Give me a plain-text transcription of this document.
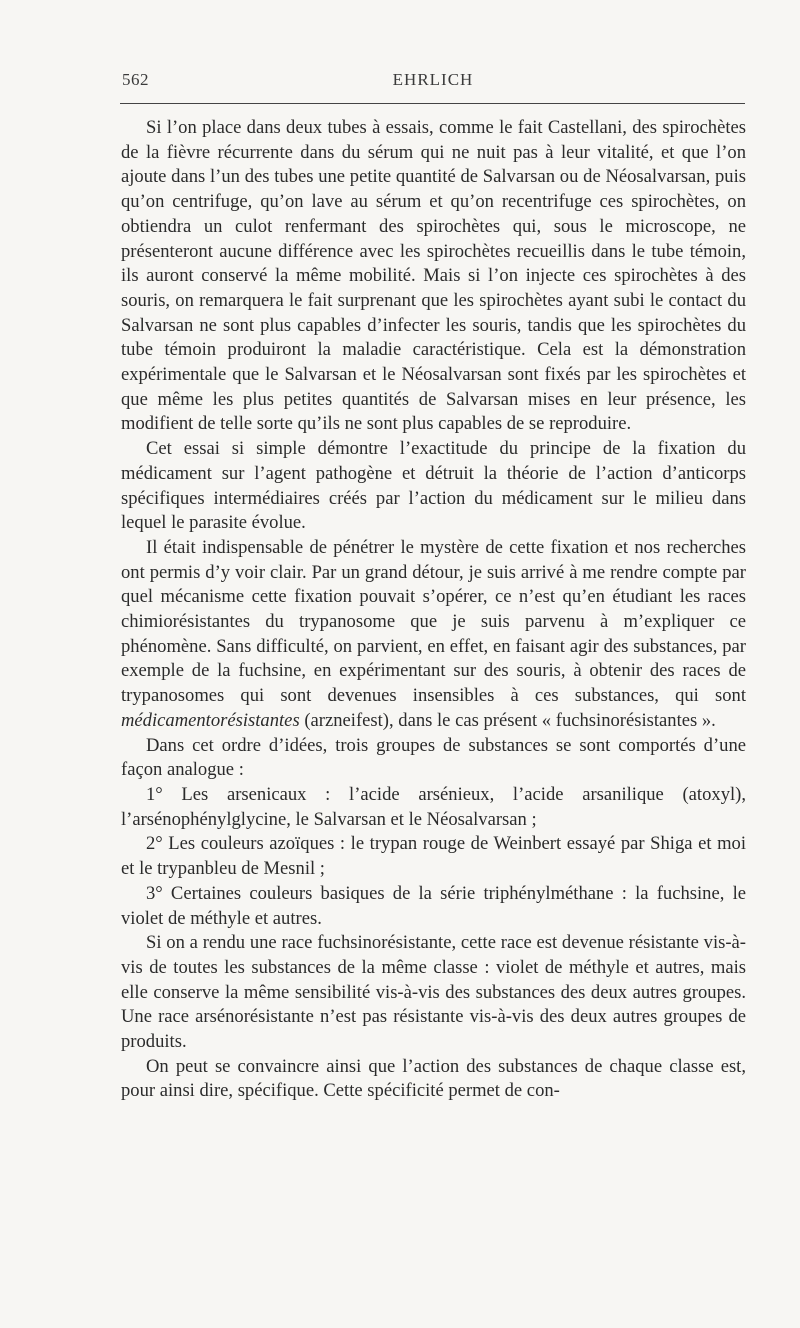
562	EHRLICH

Si l’on place dans deux tubes à essais, comme le fait Castellani, des spirochètes de la fièvre récurrente dans du sérum qui ne nuit pas à leur vitalité, et que l’on ajoute dans l’un des tubes une petite quantité de Salvarsan ou de Néosalvarsan, puis qu’on centrifuge, qu’on lave au sérum et qu’on recentrifuge ces spirochètes, on obtiendra un culot renfermant des spirochètes qui, sous le microscope, ne présenteront aucune différence avec les spirochètes recueillis dans le tube témoin, ils auront conservé la même mobilité. Mais si l’on injecte ces spirochètes à des souris, on remarquera le fait surprenant que les spirochètes ayant subi le contact du Salvarsan ne sont plus capables d’infecter les souris, tandis que les spirochètes du tube témoin produiront la maladie caractéristique. Cela est la démonstration expérimentale que le Salvarsan et le Néosalvarsan sont fixés par les spirochètes et que même les plus petites quantités de Salvarsan mises en leur présence, les modifient de telle sorte qu’ils ne sont plus capables de se reproduire.

Cet essai si simple démontre l’exactitude du principe de la fixation du médicament sur l’agent pathogène et détruit la théorie de l’action d’anticorps spécifiques intermédiaires créés par l’action du médicament sur le milieu dans lequel le parasite évolue.

Il était indispensable de pénétrer le mystère de cette fixation et nos recherches ont permis d’y voir clair. Par un grand détour, je suis arrivé à me rendre compte par quel mécanisme cette fixation pouvait s’opérer, ce n’est qu’en étudiant les races chimiorésistantes du trypanosome que je suis parvenu à m’expliquer ce phénomène. Sans difficulté, on parvient, en effet, en faisant agir des substances, par exemple de la fuchsine, en expérimentant sur des souris, à obtenir des races de trypanosomes qui sont devenues insensibles à ces substances, qui sont médicamentorésistantes (arzneifest), dans le cas présent « fuchsinorésistantes ».

Dans cet ordre d’idées, trois groupes de substances se sont comportés d’une façon analogue :

1° Les arsenicaux : l’acide arsénieux, l’acide arsanilique (atoxyl), l’arsénophénylglycine, le Salvarsan et le Néosalvarsan ;

2° Les couleurs azoïques : le trypan rouge de Weinbert essayé par Shiga et moi et le trypanbleu de Mesnil ;

3° Certaines couleurs basiques de la série triphénylméthane : la fuchsine, le violet de méthyle et autres.

Si on a rendu une race fuchsinorésistante, cette race est devenue résistante vis-à-vis de toutes les substances de la même classe : violet de méthyle et autres, mais elle conserve la même sensibilité vis-à-vis des substances des deux autres groupes. Une race arsénorésistante n’est pas résistante vis-à-vis des deux autres groupes de produits.

On peut se convaincre ainsi que l’action des substances de chaque classe est, pour ainsi dire, spécifique. Cette spécificité permet de con-
